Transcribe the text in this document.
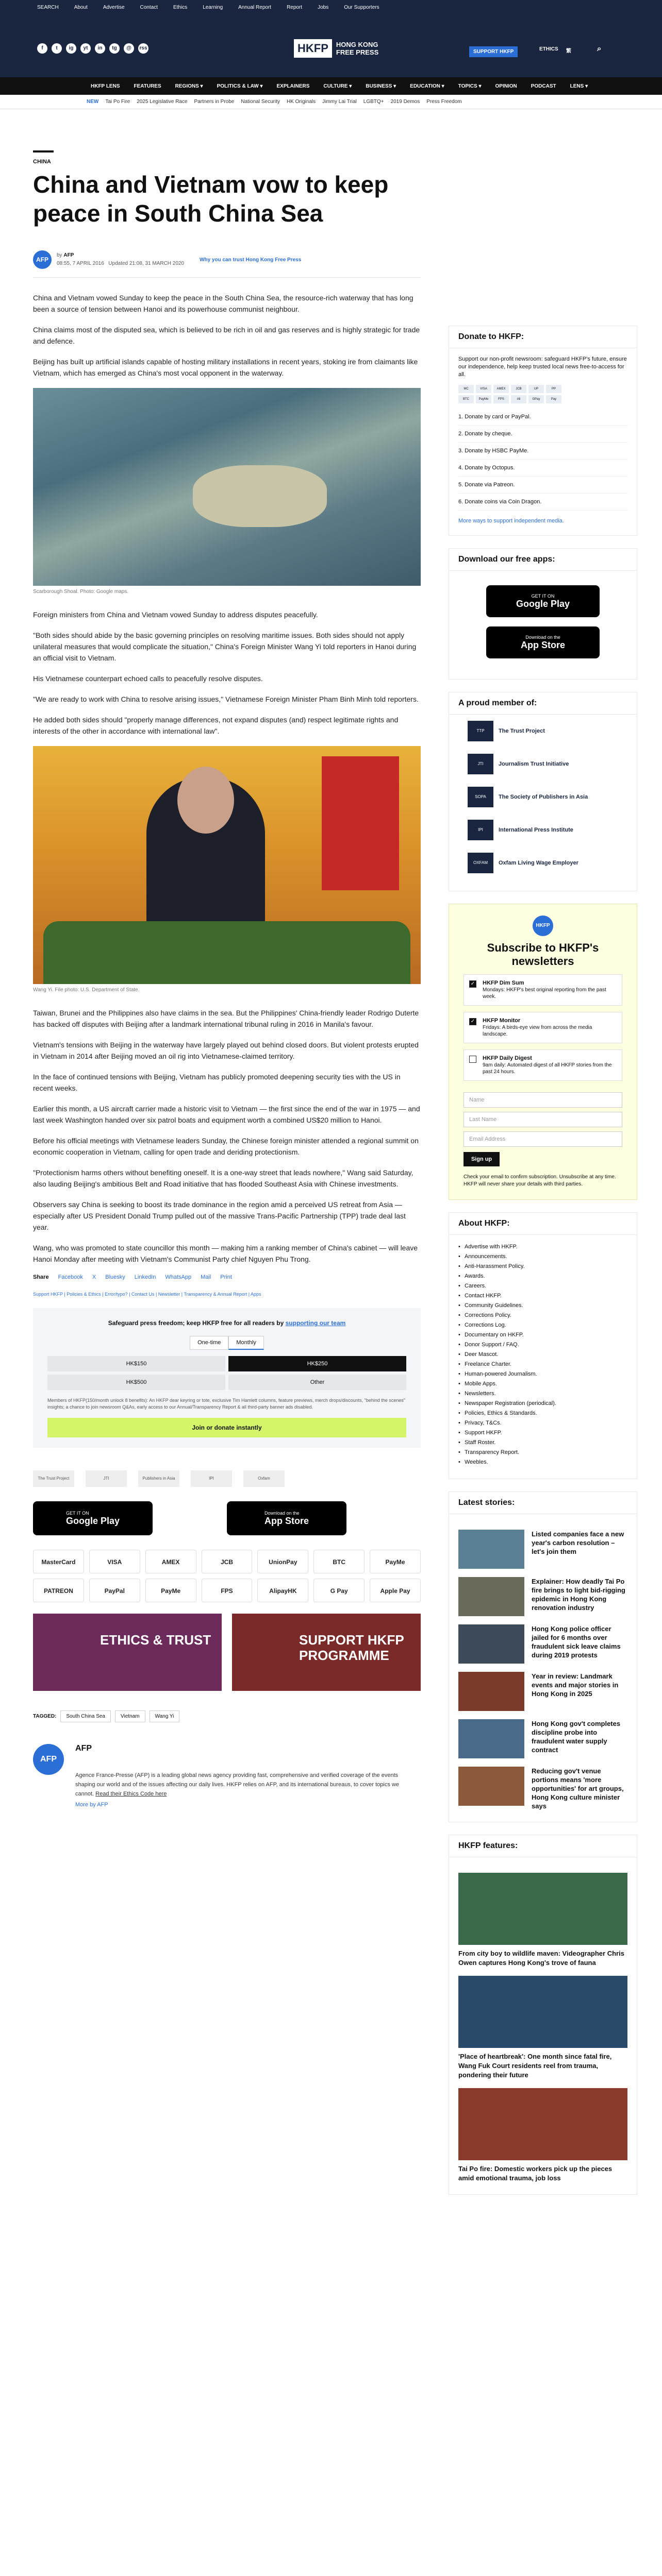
SEARCH	About	Advertise	Contact	Ethics	Learning	Annual Report	Report	Jobs	Our Supporters
f	t	ig	yt	in	tg	@	rss	HKFP	HONG KONG
FREE PRESS	SUPPORT HKFP	ETHICS 繁	⌕
HKFP LENS	FEATURES	REGIONS ▾	POLITICS & LAW ▾	EXPLAINERS	CULTURE ▾	BUSINESS ▾	EDUCATION ▾	TOPICS ▾	OPINION	PODCAST	LENS ▾
NEW Tai Po Fire 2025 Legislative Race Partners in Probe National Security HK Originals Jimmy Lai Trial LGBTQ+ 2019 Demos Press Freedom
CHINA
China and Vietnam vow to keep peace in South China Sea
AFP
by AFP
08:55, 7 APRIL 2016 Updated 21:08, 31 MARCH 2020
Why you can trust Hong Kong Free Press

China and Vietnam vowed Sunday to keep the peace in the South China Sea, the resource-rich waterway that has long been a source of tension between Hanoi and its powerhouse communist neighbour.

China claims most of the disputed sea, which is believed to be rich in oil and gas reserves and is highly strategic for trade and defence.

Beijing has built up artificial islands capable of hosting military installations in recent years, stoking ire from claimants like Vietnam, which has emerged as China's most vocal opponent in the waterway.

Scarborough Shoal. Photo: Google maps.

Foreign ministers from China and Vietnam vowed Sunday to address disputes peacefully.

"Both sides should abide by the basic governing principles on resolving maritime issues. Both sides should not apply unilateral measures that would complicate the situation," China's Foreign Minister Wang Yi told reporters in Hanoi during an official visit to Vietnam.

His Vietnamese counterpart echoed calls to peacefully resolve disputes.

"We are ready to work with China to resolve arising issues," Vietnamese Foreign Minister Pham Binh Minh told reporters.

He added both sides should "properly manage differences, not expand disputes (and) respect legitimate rights and interests of the other in accordance with international law".

Wang Yi. File photo: U.S. Department of State.

Taiwan, Brunei and the Philippines also have claims in the sea. But the Philippines' China-friendly leader Rodrigo Duterte has backed off disputes with Beijing after a landmark international tribunal ruling in 2016 in Manila's favour.

Vietnam's tensions with Beijing in the waterway have largely played out behind closed doors. But violent protests erupted in Vietnam in 2014 after Beijing moved an oil rig into Vietnamese-claimed territory.

In the face of continued tensions with Beijing, Vietnam has publicly promoted deepening security ties with the US in recent weeks.

Earlier this month, a US aircraft carrier made a historic visit to Vietnam — the first since the end of the war in 1975 — and last week Washington handed over six patrol boats and equipment worth a combined US$20 million to Hanoi.

Before his official meetings with Vietnamese leaders Sunday, the Chinese foreign minister attended a regional summit on economic cooperation in Vietnam, calling for open trade and deriding protectionism.

"Protectionism harms others without benefiting oneself. It is a one-way street that leads nowhere," Wang said Saturday, also lauding Beijing's ambitious Belt and Road initiative that has flooded Southeast Asia with Chinese investments.

Observers say China is seeking to boost its trade dominance in the region amid a perceived US retreat from Asia — especially after US President Donald Trump pulled out of the massive Trans-Pacific Partnership (TPP) trade deal last year.

Wang, who was promoted to state councillor this month — making him a ranking member of China's cabinet — will leave Hanoi Monday after meeting with Vietnam's Communist Party chief Nguyen Phu Trong.

Share Facebook X Bluesky LinkedIn WhatsApp Mail Print
Support HKFP | Policies & Ethics | Error/typo? | Contact Us | Newsletter | Transparency & Annual Report | Apps
Safeguard press freedom; keep HKFP free for all readers by supporting our team
One-time	Monthly
HK$150	HK$250
HK$500	Other
Members of HKFP(150/month unlock 8 benefits): An HKFP dear keyring or tote, exclusive Tim Hamlett columns, feature previews, merch drops/discounts, "behind the scenes" insights; a chance to join newsroom Q&As, early access to our Annual/Transparency Report & all third-party banner ads disabled.
Join or donate instantly
The Trust Project	JTI	Publishers in Asia	IPI	Oxfam
GET IT ON
Google Play
Download on the
App Store
MasterCard	VISA	AMEX	JCB	UnionPay	BTC	PayMe
PATREON	PayPal	PayMe	FPS	AlipayHK	G Pay	Apple Pay
ETHICS & TRUST	SUPPORT HKFP PROGRAMME
TAGGED:	South China Sea	Vietnam	Wang Yi
AFP
AFP
Agence France-Presse (AFP) is a leading global news agency providing fast, comprehensive and verified coverage of the events shaping our world and of the issues affecting our daily lives. HKFP relies on AFP, and its international bureaus, to cover topics we cannot. Read their Ethics Code here
More by AFP
Donate to HKFP:
Support our non-profit newsroom: safeguard HKFP's future, ensure our independence, help keep trusted local news free-to-access for all.
MC	VISA	AMEX	JCB	UP	PP
BTC	PayMe	FPS	Ali	GPay	Pay
1. Donate by card or PayPal.
2. Donate by cheque.
3. Donate by HSBC PayMe.
4. Donate by Octopus.
5. Donate via Patreon.
6. Donate coins via Coin Dragon.
More ways to support independent media.
Download our free apps:
GET IT ON
Google Play
Download on the
App Store
A proud member of:
TTP	The Trust Project
JTI	Journalism Trust Initiative
SOPA	The Society of Publishers in Asia
IPI	International Press Institute
OXFAM	Oxfam Living Wage Employer
HKFP
Subscribe to HKFP's newsletters
✓ HKFP Dim Sum
Mondays: HKFP's best original reporting from the past week.
✓ HKFP Monitor
Fridays: A birds-eye view from across the media landscape.
HKFP Daily Digest
9am daily: Automated digest of all HKFP stories from the past 24 hours.
Name
Last Name
Email Address
Sign up
Check your email to confirm subscription. Unsubscribe at any time. HKFP will never share your details with third parties.
About HKFP:
• Advertise with HKFP.
• Announcements.
• Anti-Harassment Policy.
• Awards.
• Careers.
• Contact HKFP.
• Community Guidelines.
• Corrections Policy.
• Corrections Log.
• Documentary on HKFP.
• Donor Support / FAQ.
• Deer Mascot.
• Freelance Charter.
• Human-powered Journalism.
• Mobile Apps.
• Newsletters.
• Newspaper Registration (periodical).
• Policies, Ethics & Standards.
• Privacy, T&Cs.
• Support HKFP.
• Staff Roster.
• Transparency Report.
• Weebles.
Latest stories:
Listed companies face a new year's carbon resolution – let's join them
Explainer: How deadly Tai Po fire brings to light bid-rigging epidemic in Hong Kong renovation industry
Hong Kong police officer jailed for 6 months over fraudulent sick leave claims during 2019 protests
Year in review: Landmark events and major stories in Hong Kong in 2025
Hong Kong gov't completes discipline probe into fraudulent water supply contract
Reducing gov't venue portions means 'more opportunities' for art groups, Hong Kong culture minister says
HKFP features:
From city boy to wildlife maven: Videographer Chris Owen captures Hong Kong's trove of fauna
'Place of heartbreak': One month since fatal fire, Wang Fuk Court residents reel from trauma, pondering their future
Tai Po fire: Domestic workers pick up the pieces amid emotional trauma, job loss
